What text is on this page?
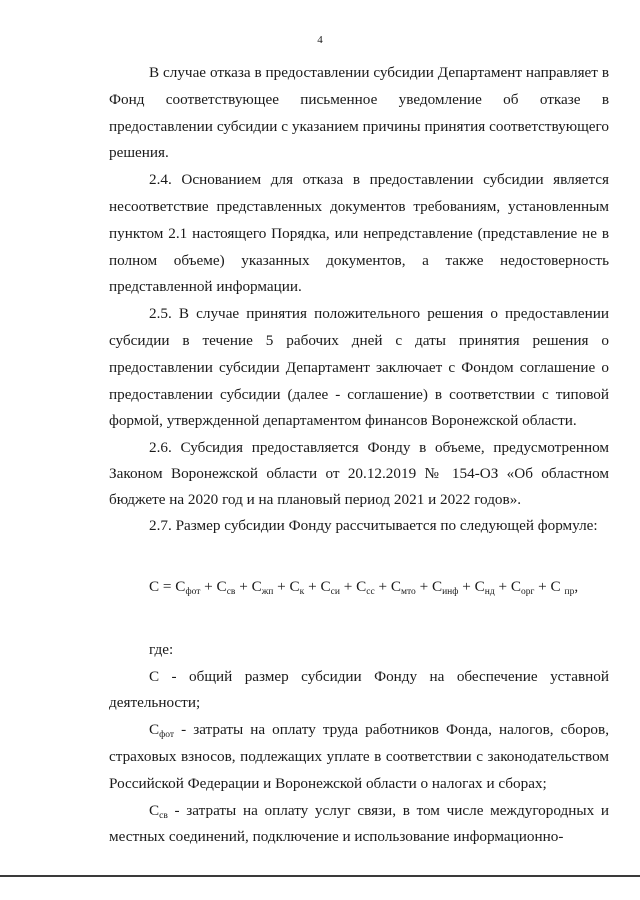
4

В случае отказа в предоставлении субсидии Департамент направляет в Фонд соответствующее письменное уведомление об отказе в предоставлении субсидии с указанием причины принятия соответствующего решения.

2.4. Основанием для отказа в предоставлении субсидии является несоответствие представленных документов требованиям, установленным пунктом 2.1 настоящего Порядка, или непредставление (представление не в полном объеме) указанных документов, а также недостоверность представленной информации.

2.5. В случае принятия положительного решения о предоставлении субсидии в течение 5 рабочих дней с даты принятия решения о предоставлении субсидии Департамент заключает с Фондом соглашение о предоставлении субсидии (далее - соглашение) в соответствии с типовой формой, утвержденной департаментом финансов Воронежской области.

2.6. Субсидия предоставляется Фонду в объеме, предусмотренном Законом Воронежской области от 20.12.2019 № 154-ОЗ «Об областном бюджете на 2020 год и на плановый период 2021 и 2022 годов».

2.7. Размер субсидии Фонду рассчитывается по следующей формуле:

$С = С_{фот} + С_{св} + С_{жп} + С_к + С_{си} + С_{сс} + С_{мто} + С_{инф} + С_{нд} + С_{орг} + С$ $_{пр}$,

где:

С - общий размер субсидии Фонду на обеспечение уставной деятельности;

$С_{фот}$ - затраты на оплату труда работников Фонда, налогов, сборов, страховых взносов, подлежащих уплате в соответствии с законодательством Российской Федерации и Воронежской области о налогах и сборах;

$С_{св}$ - затраты на оплату услуг связи, в том числе междугородных и местных соединений, подключение и использование информационно-
